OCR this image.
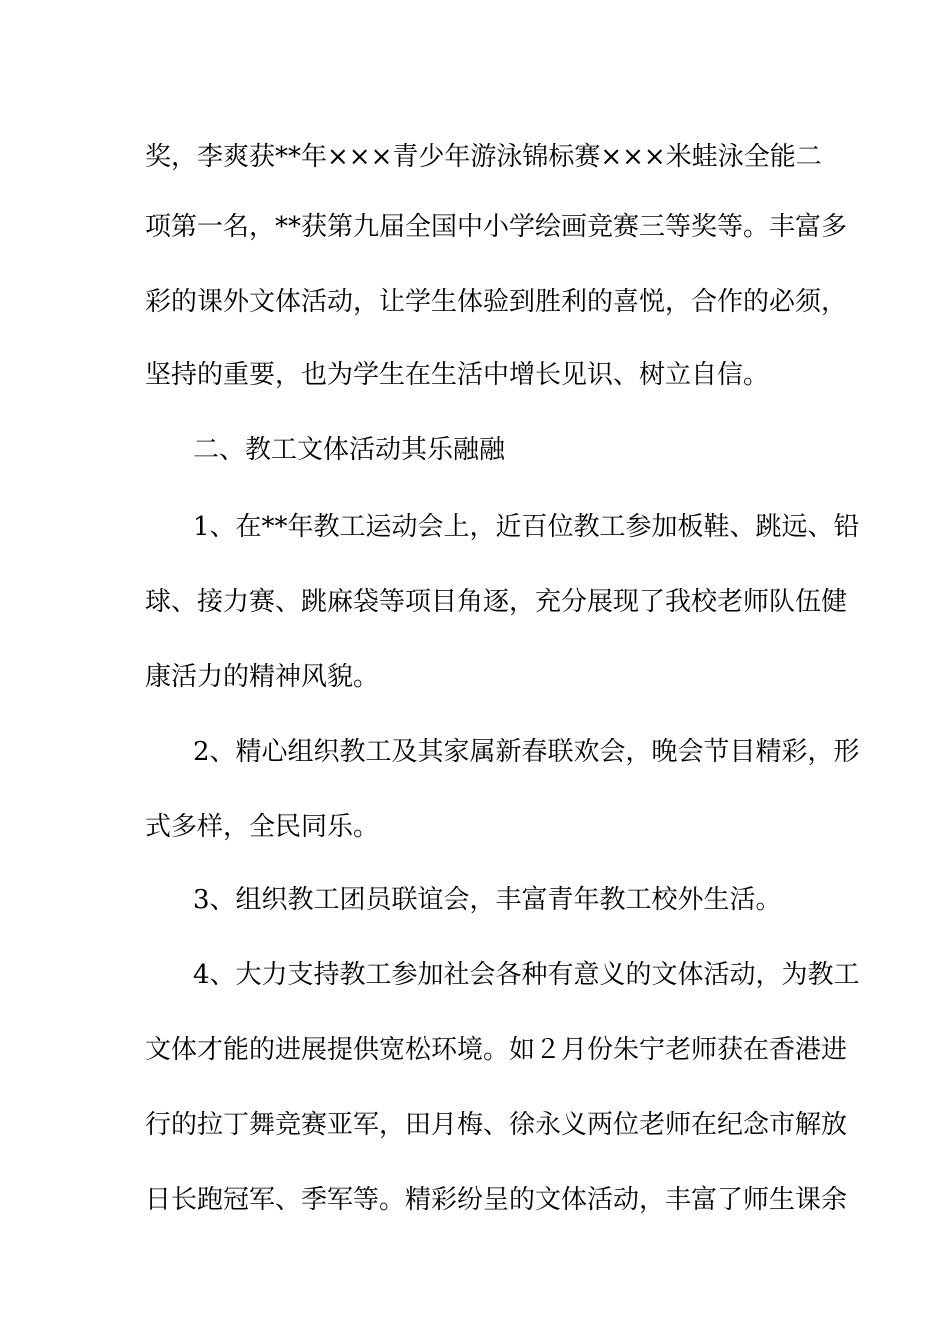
奖，李爽获**年×××青少年游泳锦标赛×××米蛙泳全能二
项第一名，**获第九届全国中小学绘画竞赛三等奖等。丰富多
彩的课外文体活动，让学生体验到胜利的喜悦，合作的必须，
坚持的重要，也为学生在生活中增长见识、树立自信。
二、教工文体活动其乐融融
1、在**年教工运动会上，近百位教工参加板鞋、跳远、铅
球、接力赛、跳麻袋等项目角逐，充分展现了我校老师队伍健
康活力的精神风貌。
2、精心组织教工及其家属新春联欢会，晚会节目精彩，形
式多样，全民同乐。
3、组织教工团员联谊会，丰富青年教工校外生活。
4、大力支持教工参加社会各种有意义的文体活动，为教工
文体才能的进展提供宽松环境。如２月份朱宁老师获在香港进
行的拉丁舞竞赛亚军，田月梅、徐永义两位老师在纪念市解放
日长跑冠军、季军等。精彩纷呈的文体活动，丰富了师生课余
